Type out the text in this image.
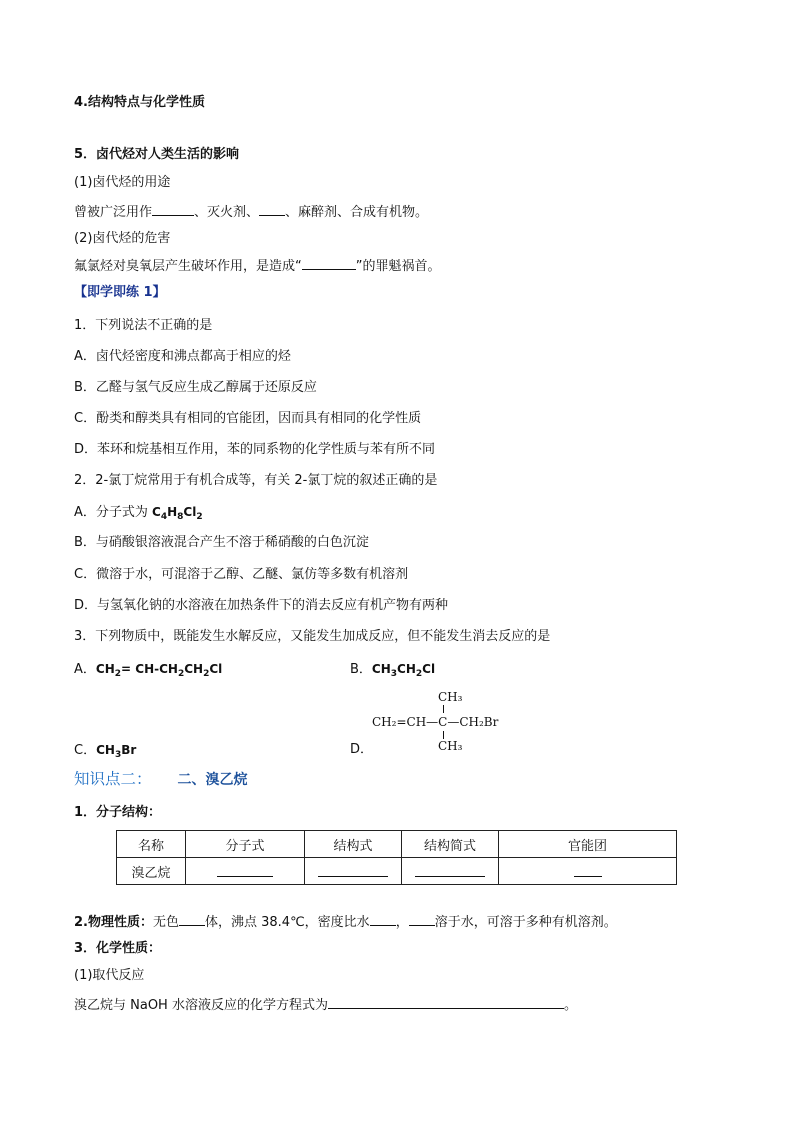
4.结构特点与化学性质
5．卤代烃对人类生活的影响
(1)卤代烃的用途
曾被广泛用作	、灭火剂、 、麻醉剂、合成有机物。
(2)卤代烃的危害
氟氯烃对臭氧层产生破坏作用，是造成“	”的罪魁祸首。
【即学即练 1】
1．下列说法不正确的是
A．卤代烃密度和沸点都高于相应的烃
B．乙醛与氢气反应生成乙醇属于还原反应
C．酚类和醇类具有相同的官能团，因而具有相同的化学性质
D．苯环和烷基相互作用，苯的同系物的化学性质与苯有所不同
2．2-氯丁烷常用于有机合成等，有关 2-氯丁烷的叙述正确的是
A．分子式为 $C_4H_8Cl_2$
B．与硝酸银溶液混合产生不溶于稀硝酸的白色沉淀
C．微溶于水，可混溶于乙醇、乙醚、氯仿等多数有机溶剂
D．与氢氧化钠的水溶液在加热条件下的消去反应有机产物有两种
3．下列物质中，既能发生水解反应，又能发生加成反应，但不能发生消去反应的是
A．$CH_2= CH-CH_2CH_2Cl$	B．$CH_3CH_2Cl$
CH₃
CH₂=CH—C—CH₂Br
CH₃
C．$CH_3Br$	D．
知识点二： 二、溴乙烷
1．分子结构：
名称	分子式	结构式	结构简式	官能团
溴乙烷				
2.物理性质：无色 体，沸点 38.4℃，密度比水 ， 溶于水，可溶于多种有机溶剂。
3．化学性质：
(1)取代反应
溴乙烷与 NaOH 水溶液反应的化学方程式为	。
